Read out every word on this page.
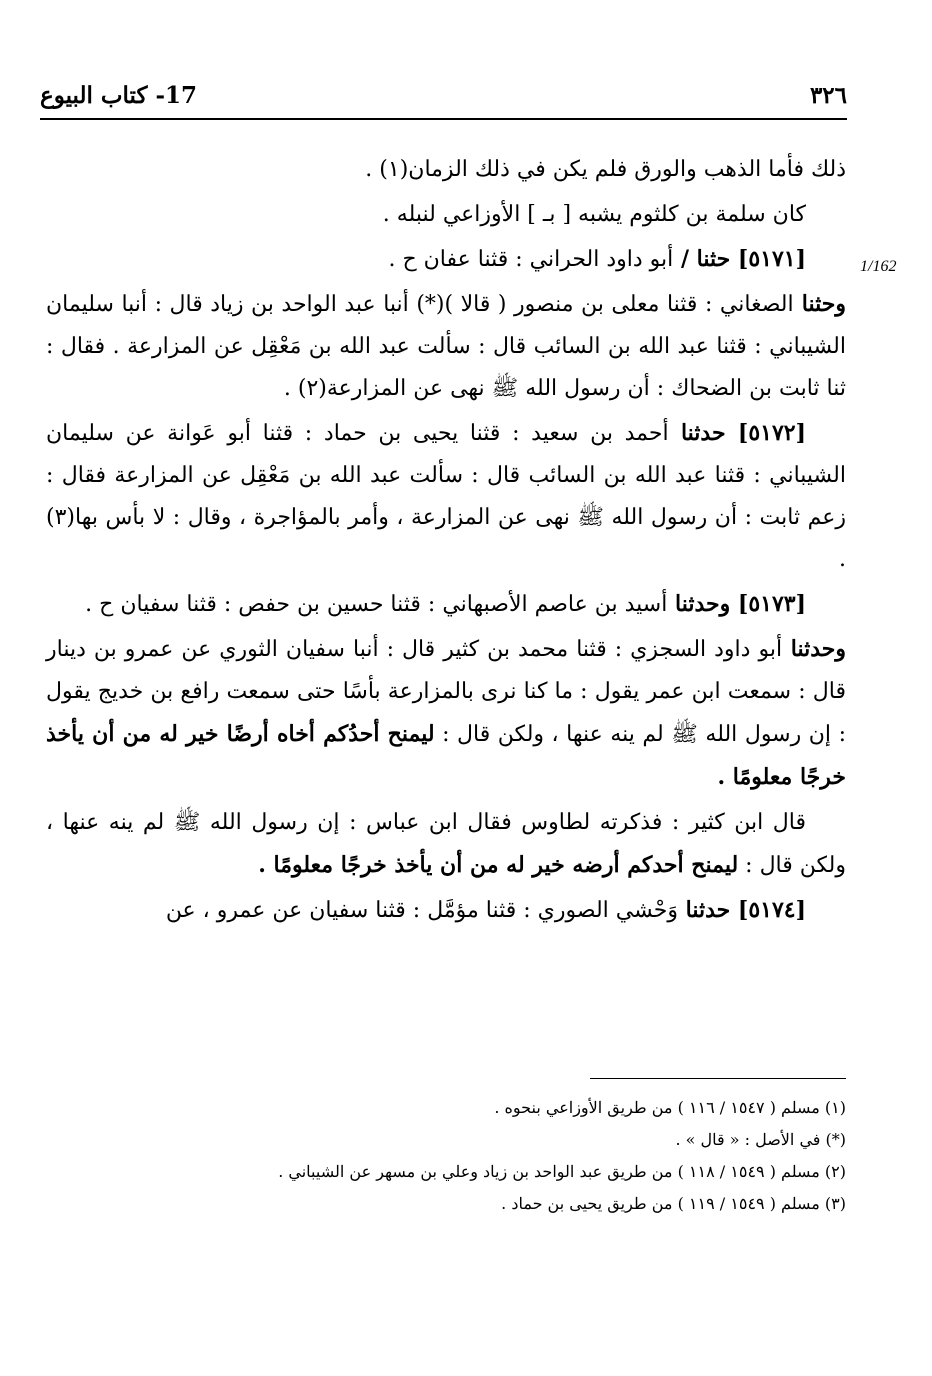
17- كتاب البيوع	٣٢٦
1/162

ذلك فأما الذهب والورق فلم يكن في ذلك الزمان(١) .

كان سلمة بن كلثوم يشبه [ بـ ] الأوزاعي لنبله .

[٥١٧١] حثنا / أبو داود الحراني : قثنا عفان ح .

وحثنا الصغاني : قثنا معلى بن منصور ( قالا )(*) أنبا عبد الواحد بن زياد قال : أنبا سليمان الشيباني : قثنا عبد الله بن السائب قال : سألت عبد الله بن مَعْقِل عن المزارعة . فقال : ثنا ثابت بن الضحاك : أن رسول الله ﷺ نهى عن المزارعة(٢) .

[٥١٧٢] حدثنا أحمد بن سعيد : قثنا يحيى بن حماد : قثنا أبو عَوانة عن سليمان الشيباني : قثنا عبد الله بن السائب قال : سألت عبد الله بن مَعْقِل عن المزارعة فقال : زعم ثابت : أن رسول الله ﷺ نهى عن المزارعة ، وأمر بالمؤاجرة ، وقال : لا بأس بها(٣) .

[٥١٧٣] وحدثنا أسيد بن عاصم الأصبهاني : قثنا حسين بن حفص : قثنا سفيان ح .

وحدثنا أبو داود السجزي : قثنا محمد بن كثير قال : أنبا سفيان الثوري عن عمرو بن دينار قال : سمعت ابن عمر يقول : ما كنا نرى بالمزارعة بأسًا حتى سمعت رافع بن خديج يقول : إن رسول الله ﷺ لم ينه عنها ، ولكن قال : ليمنح أحدُكم أخاه أرضًا خير له من أن يأخذ خرجًا معلومًا .

قال ابن كثير : فذكرته لطاوس فقال ابن عباس : إن رسول الله ﷺ لم ينه عنها ، ولكن قال : ليمنح أحدكم أرضه خير له من أن يأخذ خرجًا معلومًا .

[٥١٧٤] حدثنا وَحْشي الصوري : قثنا مؤمَّل : قثنا سفيان عن عمرو ، عن

(١) مسلم ( ١٥٤٧ / ١١٦ ) من طريق الأوزاعي بنحوه .

(*) في الأصل : « قال » .

(٢) مسلم ( ١٥٤٩ / ١١٨ ) من طريق عبد الواحد بن زياد وعلي بن مسهر عن الشيباني .

(٣) مسلم ( ١٥٤٩ / ١١٩ ) من طريق يحيى بن حماد .
